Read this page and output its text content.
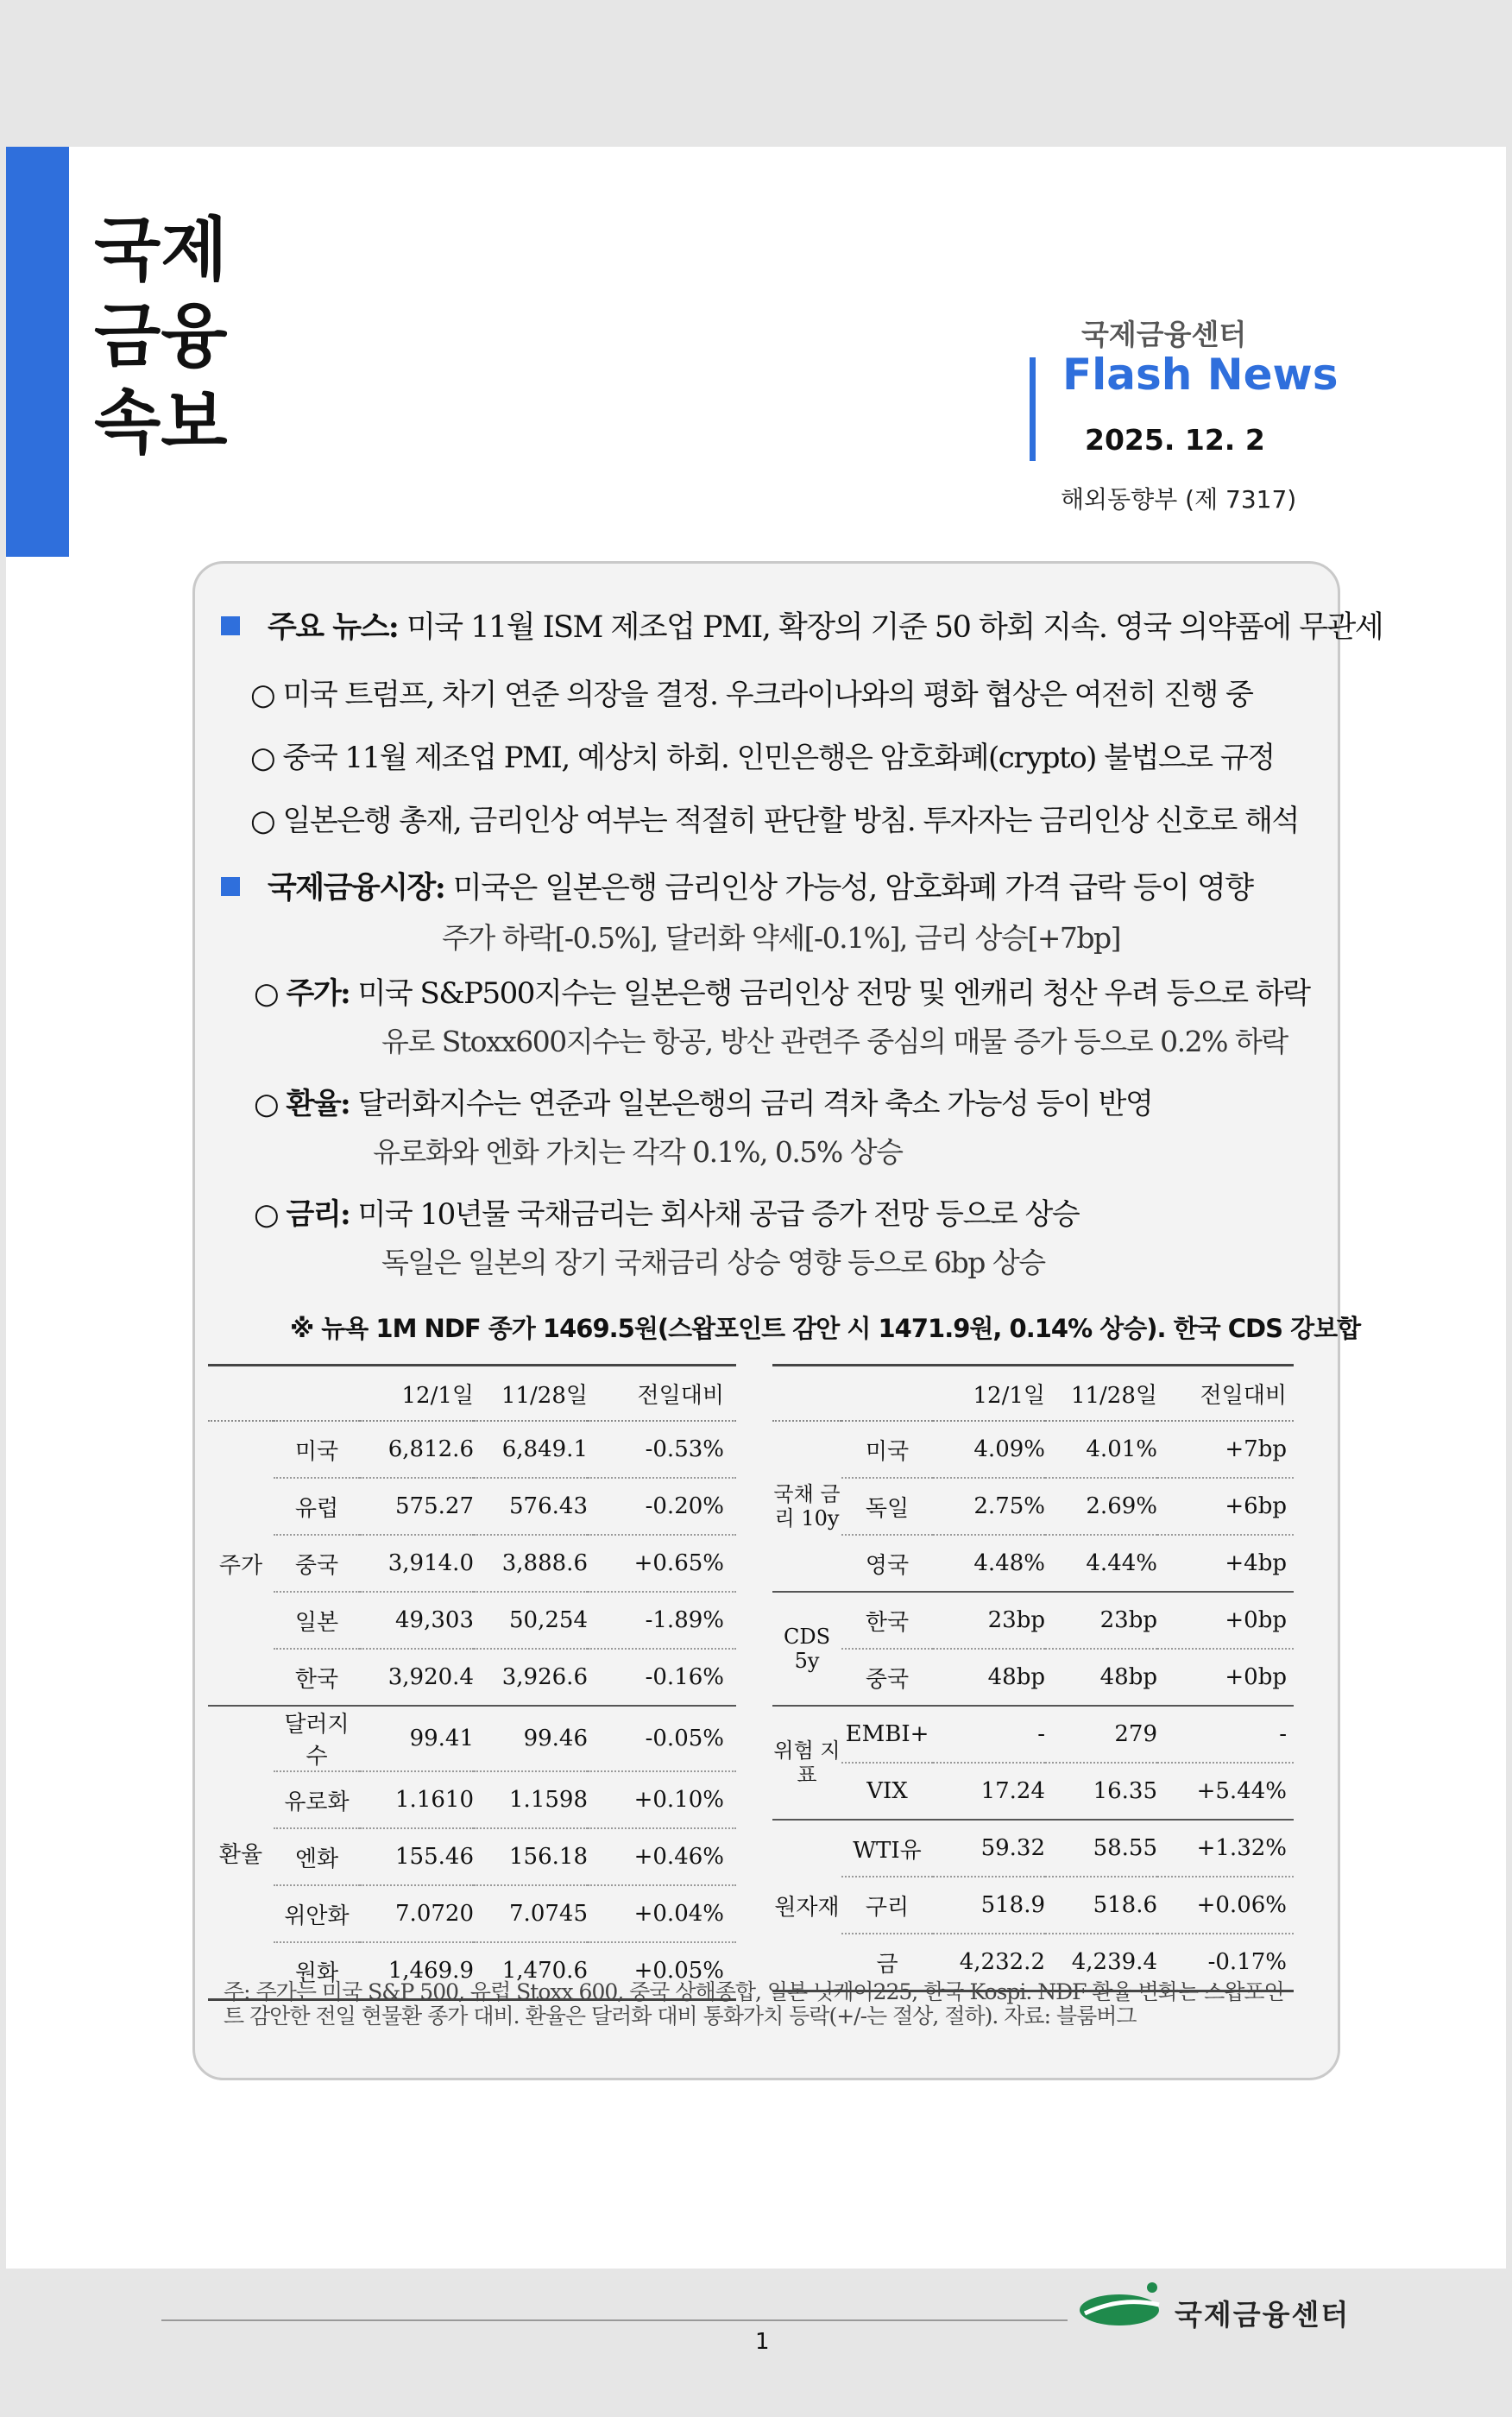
국제
금융
속보
국제금융센터
Flash News
2025. 12. 2
해외동향부 (제 7317)
주요 뉴스: 미국 11월 ISM 제조업 PMI, 확장의 기준 50 하회 지속. 영국 의약품에 무관세
○ 미국 트럼프, 차기 연준 의장을 결정. 우크라이나와의 평화 협상은 여전히 진행 중
○ 중국 11월 제조업 PMI, 예상치 하회. 인민은행은 암호화폐(crypto) 불법으로 규정
○ 일본은행 총재, 금리인상 여부는 적절히 판단할 방침. 투자자는 금리인상 신호로 해석
국제금융시장: 미국은 일본은행 금리인상 가능성, 암호화폐 가격 급락 등이 영향
주가 하락[-0.5%], 달러화 약세[-0.1%], 금리 상승[+7bp]
○ 주가: 미국 S&P500지수는 일본은행 금리인상 전망 및 엔캐리 청산 우려 등으로 하락
유로 Stoxx600지수는 항공, 방산 관련주 중심의 매물 증가 등으로 0.2% 하락
○ 환율: 달러화지수는 연준과 일본은행의 금리 격차 축소 가능성 등이 반영
유로화와 엔화 가치는 각각 0.1%, 0.5% 상승
○ 금리: 미국 10년물 국채금리는 회사채 공급 증가 전망 등으로 상승
독일은 일본의 장기 국채금리 상승 영향 등으로 6bp 상승
※ 뉴욕 1M NDF 종가 1469.5원(스왑포인트 감안 시 1471.9원, 0.14% 상승). 한국 CDS 강보합
		12/1일	11/28일	전일대비
주가	미국	6,812.6	6,849.1	-0.53%
	유럽	575.27	576.43	-0.20%
	중국	3,914.0	3,888.6	+0.65%
	일본	49,303	50,254	-1.89%
	한국	3,920.4	3,926.6	-0.16%
환율	달러지수	99.41	99.46	-0.05%
	유로화	1.1610	1.1598	+0.10%
	엔화	155.46	156.18	+0.46%
	위안화	7.0720	7.0745	+0.04%
	원화	1,469.9	1,470.6	+0.05%
		12/1일	11/28일	전일대비
국채 금리 10y	미국	4.09%	4.01%	+7bp
	독일	2.75%	2.69%	+6bp
	영국	4.48%	4.44%	+4bp
CDS 5y	한국	23bp	23bp	+0bp
	중국	48bp	48bp	+0bp
위험 지표	EMBI+	-	279	-
	VIX	17.24	16.35	+5.44%
원자재	WTI유	59.32	58.55	+1.32%
	구리	518.9	518.6	+0.06%
	금	4,232.2	4,239.4	-0.17%
주: 주가는 미국 S&P 500, 유럽 Stoxx 600, 중국 상해종합, 일본 닛케이225, 한국 Kospi. NDF 환율 변화는 스왑포인트 감안한 전일 현물환 종가 대비. 환율은 달러화 대비 통화가치 등락(+/-는 절상, 절하). 자료: 블룸버그
1
국제금융센터
